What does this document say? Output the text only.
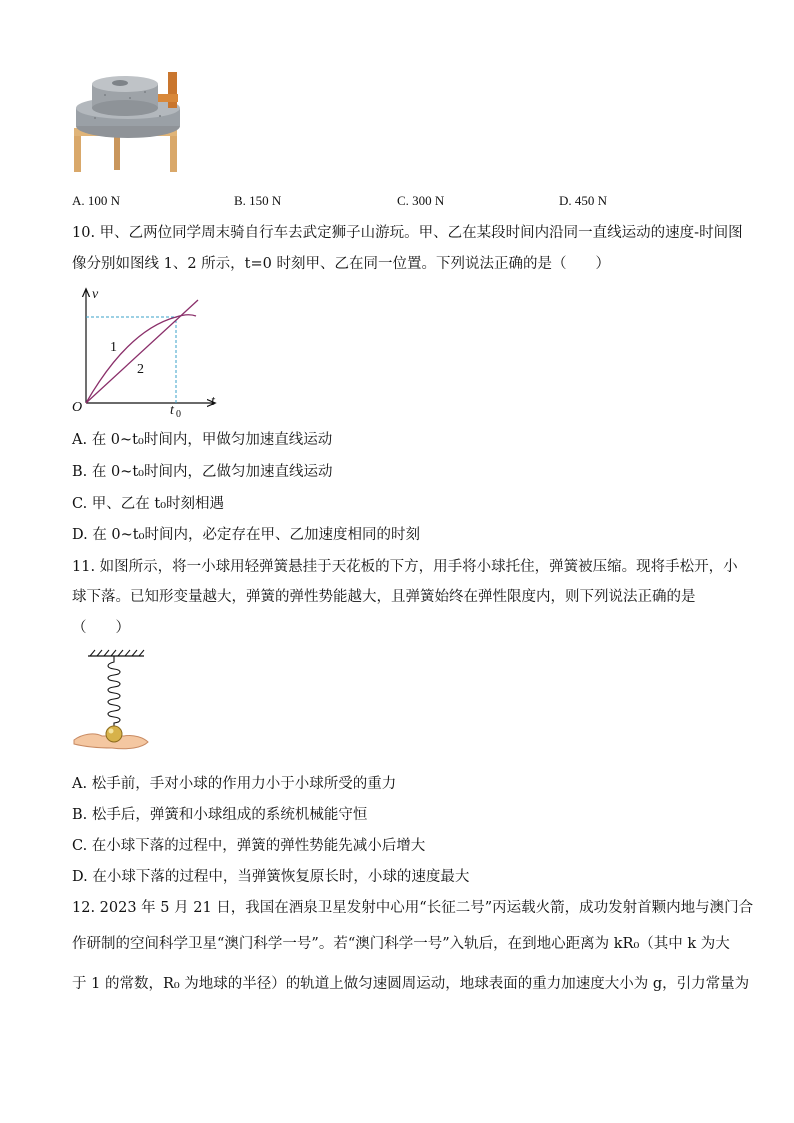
A. 100 N	B. 150 N	C. 300 N	D. 450 N
10. 甲、乙两位同学周末骑自行车去武定狮子山游玩。甲、乙在某段时间内沿同一直线运动的速度-时间图
像分别如图线 1、2 所示，t=0 时刻甲、乙在同一位置。下列说法正确的是（　　）
v
t
O	t 0
1
2
A. 在 0~t₀时间内，甲做匀加速直线运动
B. 在 0~t₀时间内，乙做匀加速直线运动
C. 甲、乙在 t₀时刻相遇
D. 在 0~t₀时间内，必定存在甲、乙加速度相同的时刻
11. 如图所示，将一小球用轻弹簧悬挂于天花板的下方，用手将小球托住，弹簧被压缩。现将手松开，小
球下落。已知形变量越大，弹簧的弹性势能越大，且弹簧始终在弹性限度内，则下列说法正确的是
（　　）
A. 松手前，手对小球的作用力小于小球所受的重力
B. 松手后，弹簧和小球组成的系统机械能守恒
C. 在小球下落的过程中，弹簧的弹性势能先减小后增大
D. 在小球下落的过程中，当弹簧恢复原长时，小球的速度最大
12. 2023 年 5 月 21 日，我国在酒泉卫星发射中心用“长征二号”丙运载火箭，成功发射首颗内地与澳门合
作研制的空间科学卫星“澳门科学一号”。若“澳门科学一号”入轨后，在到地心距离为 kR₀（其中 k 为大
于 1 的常数，R₀ 为地球的半径）的轨道上做匀速圆周运动，地球表面的重力加速度大小为 g，引力常量为
